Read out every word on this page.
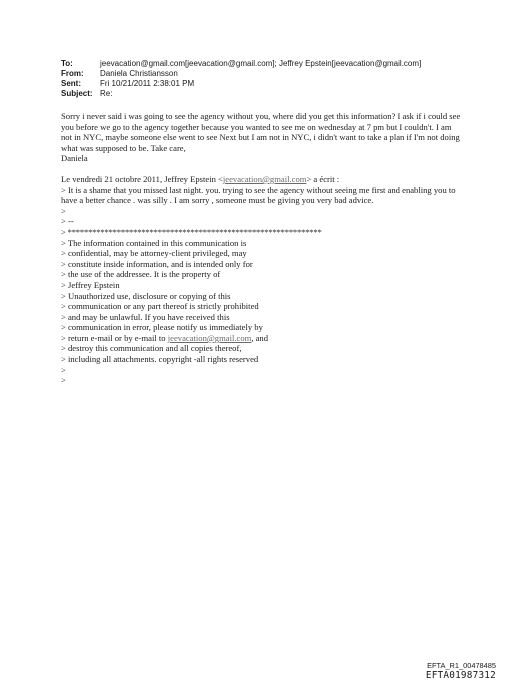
To:	jeevacation@gmail.com[jeevacation@gmail.com]; Jeffrey Epstein[jeevacation@gmail.com]
From:	Daniela Christiansson
Sent:	Fri 10/21/2011 2:38:01 PM
Subject: Re:

Sorry i never said i was going to see the agency without you, where did you get this information? I ask if i could see you before we go to the agency together because you wanted to see me on wednesday at 7 pm but I couldn't. I am not in NYC, maybe someone else went to see Next but I am not in NYC, i didn't want to take a plan if I'm not doing what was supposed to be. Take care,

Daniela

Le vendredi 21 octobre 2011, Jeffrey Epstein <jeevacation@gmail.com> a écrit :

> It is a shame that you missed last night. you. trying to see the agency without seeing me first and enabling you to have a better chance . was silly . I am sorry , someone must be giving you very bad advice.

>
> --
> **************************************************************
> The information contained in this communication is
> confidential, may be attorney-client privileged, may
> constitute inside information, and is intended only for
> the use of the addressee. It is the property of
> Jeffrey Epstein
> Unauthorized use, disclosure or copying of this
> communication or any part thereof is strictly prohibited
> and may be unlawful. If you have received this
> communication in error, please notify us immediately by
> return e-mail or by e-mail to jeevacation@gmail.com, and
> destroy this communication and all copies thereof,
> including all attachments. copyright -all rights reserved
>
>
EFTA_R1_00478485
EFTA01987312
